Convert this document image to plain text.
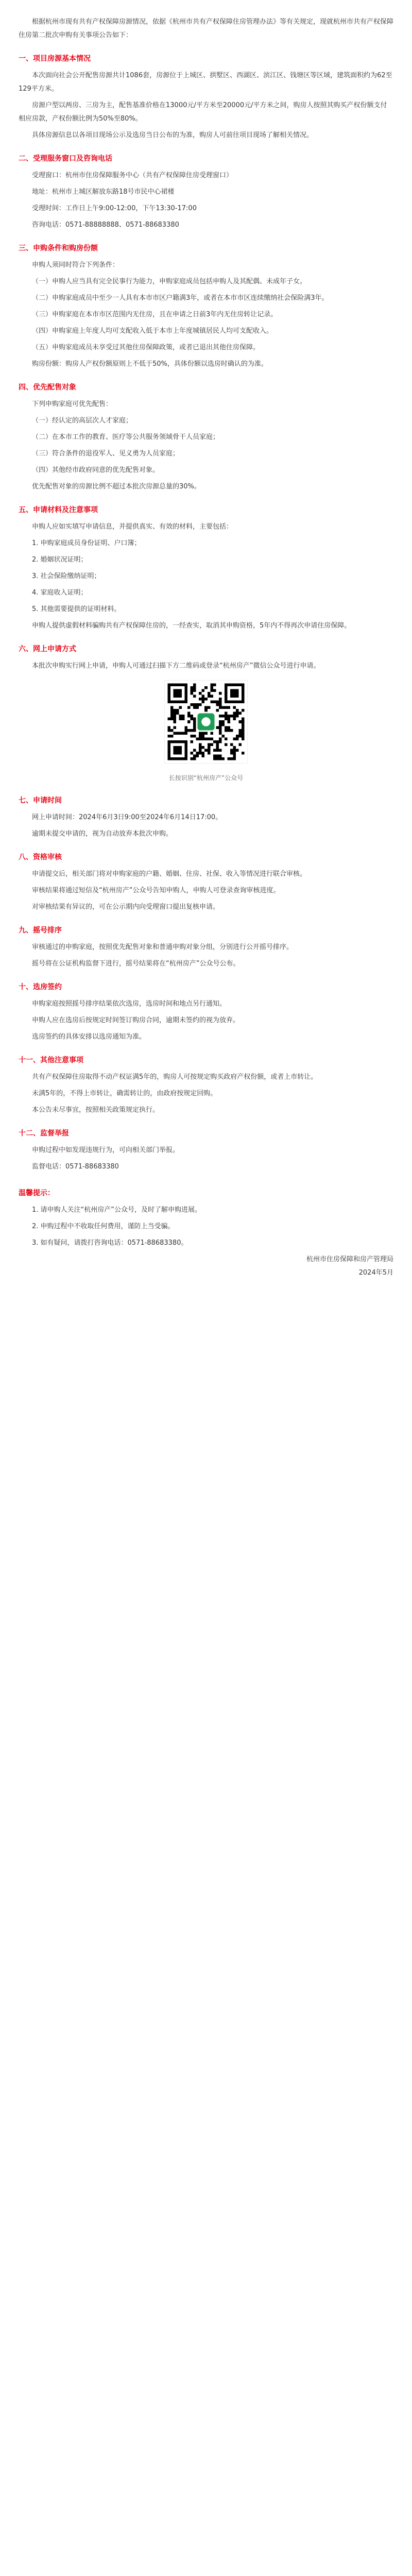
根据杭州市现有共有产权保障房源情况，依据《杭州市共有产权保障住房管理办法》等有关规定，现就杭州市共有产权保障住房第二批次申购有关事项公告如下：

一、项目房源基本情况

本次面向社会公开配售房源共计1086套，房源位于上城区、拱墅区、西湖区、滨江区、钱塘区等区域，建筑面积约为62至129平方米。

房源户型以两房、三房为主，配售基准价格在13000元/平方米至20000元/平方米之间，购房人按照其购买产权份额支付相应房款，产权份额比例为50%至80%。

具体房源信息以各项目现场公示及选房当日公布的为准，购房人可前往项目现场了解相关情况。

二、受理服务窗口及咨询电话

受理窗口：杭州市住房保障服务中心（共有产权保障住房受理窗口）

地址：杭州市上城区解放东路18号市民中心裙楼

受理时间：工作日上午9:00-12:00，下午13:30-17:00

咨询电话：0571-88888888、0571-88683380

三、申购条件和购房份额

申购人须同时符合下列条件：

（一）申购人应当具有完全民事行为能力，申购家庭成员包括申购人及其配偶、未成年子女。

（二）申购家庭成员中至少一人具有本市市区户籍满3年，或者在本市市区连续缴纳社会保险满3年。

（三）申购家庭在本市市区范围内无住房，且在申请之日前3年内无住房转让记录。

（四）申购家庭上年度人均可支配收入低于本市上年度城镇居民人均可支配收入。

（五）申购家庭成员未享受过其他住房保障政策，或者已退出其他住房保障。

购房份额：购房人产权份额原则上不低于50%，具体份额以选房时确认的为准。

四、优先配售对象

下列申购家庭可优先配售：

（一）经认定的高层次人才家庭；

（二）在本市工作的教育、医疗等公共服务领域骨干人员家庭；

（三）符合条件的退役军人、见义勇为人员家庭；

（四）其他经市政府同意的优先配售对象。

优先配售对象的房源比例不超过本批次房源总量的30%。

五、申请材料及注意事项

申购人应如实填写申请信息，并提供真实、有效的材料，主要包括：

1. 申购家庭成员身份证明、户口簿；

2. 婚姻状况证明；

3. 社会保险缴纳证明；

4. 家庭收入证明；

5. 其他需要提供的证明材料。

申购人提供虚假材料骗购共有产权保障住房的，一经查实，取消其申购资格，5年内不得再次申请住房保障。

六、网上申请方式

本批次申购实行网上申请，申购人可通过扫描下方二维码或登录“杭州房产”微信公众号进行申请。

长按识别“杭州房产”公众号
七、申请时间

网上申请时间：2024年6月3日9:00至2024年6月14日17:00。

逾期未提交申请的，视为自动放弃本批次申购。

八、资格审核

申请提交后，相关部门将对申购家庭的户籍、婚姻、住房、社保、收入等情况进行联合审核。

审核结果将通过短信及“杭州房产”公众号告知申购人，申购人可登录查询审核进度。

对审核结果有异议的，可在公示期内向受理窗口提出复核申请。

九、摇号排序

审核通过的申购家庭，按照优先配售对象和普通申购对象分组，分别进行公开摇号排序。

摇号将在公证机构监督下进行，摇号结果将在“杭州房产”公众号公布。

十、选房签约

申购家庭按照摇号排序结果依次选房，选房时间和地点另行通知。

申购人应在选房后按规定时间签订购房合同，逾期未签约的视为放弃。

选房签约的具体安排以选房通知为准。

十一、其他注意事项

共有产权保障住房取得不动产权证满5年的，购房人可按规定购买政府产权份额，或者上市转让。

未满5年的，不得上市转让，确需转让的，由政府按规定回购。

本公告未尽事宜，按照相关政策规定执行。

十二、监督举报

申购过程中如发现违规行为，可向相关部门举报。

监督电话：0571-88683380

温馨提示：

1. 请申购人关注“杭州房产”公众号，及时了解申购进展。

2. 申购过程中不收取任何费用，谨防上当受骗。

3. 如有疑问，请拨打咨询电话：0571-88683380。

杭州市住房保障和房产管理局

2024年5月
